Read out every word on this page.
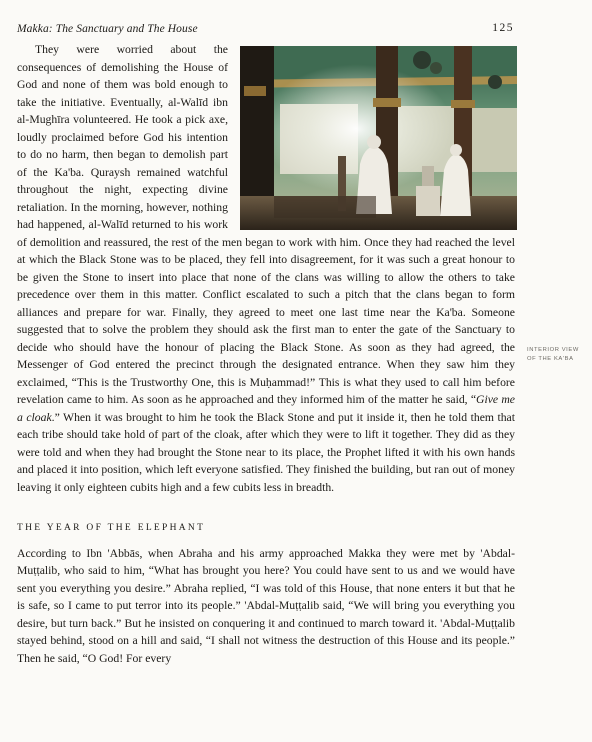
Makka: The Sanctuary and The House	125

They were worried about the consequences of demolishing the House of God and none of them was bold enough to take the initiative. Eventually, al-Walīd ibn al-Mughīra volunteered. He took a pick axe, loudly proclaimed before God his intention to do no harm, then began to demolish part of the Ka'ba. Quraysh remained watchful throughout the night, expecting divine retaliation. In the morning, however, nothing had happened, al-Walīd returned to his work of demolition and reassured, the rest of the men began to work with him. Once they had reached the level at which the Black Stone was to be placed, they fell into disagreement, for it was such a great honour to be given the Stone to insert into place that none of the clans was willing to allow the others to take precedence over them in this matter. Conflict escalated to such a pitch that the clans began to form alliances and prepare for war. Finally, they agreed to meet one last time near the Ka'ba. Someone suggested that to solve the problem they should ask the first man to enter the gate of the Sanctuary to decide who should have the honour of placing the Black Stone. As soon as they had agreed, the Messenger of God entered the precinct through the designated entrance. When they saw him they exclaimed, “This is the Trustworthy One, this is Muḥammad!” This is what they used to call him before revelation came to him. As soon as he approached and they informed him of the matter he said, “Give me a cloak.” When it was brought to him he took the Black Stone and put it inside it, then he told them that each tribe should take hold of part of the cloak, after which they were to lift it together. They did as they were told and when they had brought the Stone near to its place, the Prophet lifted it with his own hands and placed it into position, which left everyone satisfied. They finished the building, but ran out of money leaving it only eighteen cubits high and a few cubits less in breadth.

THE YEAR OF THE ELEPHANT

According to Ibn 'Abbās, when Abraha and his army approached Makka they were met by 'Abdal-Muṭṭalib, who said to him, “What has brought you here? You could have sent to us and we would have sent you everything you desire.” Abraha replied, “I was told of this House, that none enters it but that he is safe, so I came to put terror into its people.” 'Abdal-Muṭṭalib said, “We will bring you everything you desire, but turn back.” But he insisted on conquering it and continued to march toward it. 'Abdal-Muṭṭalib stayed behind, stood on a hill and said, “I shall not witness the destruction of this House and its people.” Then he said, “O God! For every

INTERIOR VIEW OF THE KA'BA
